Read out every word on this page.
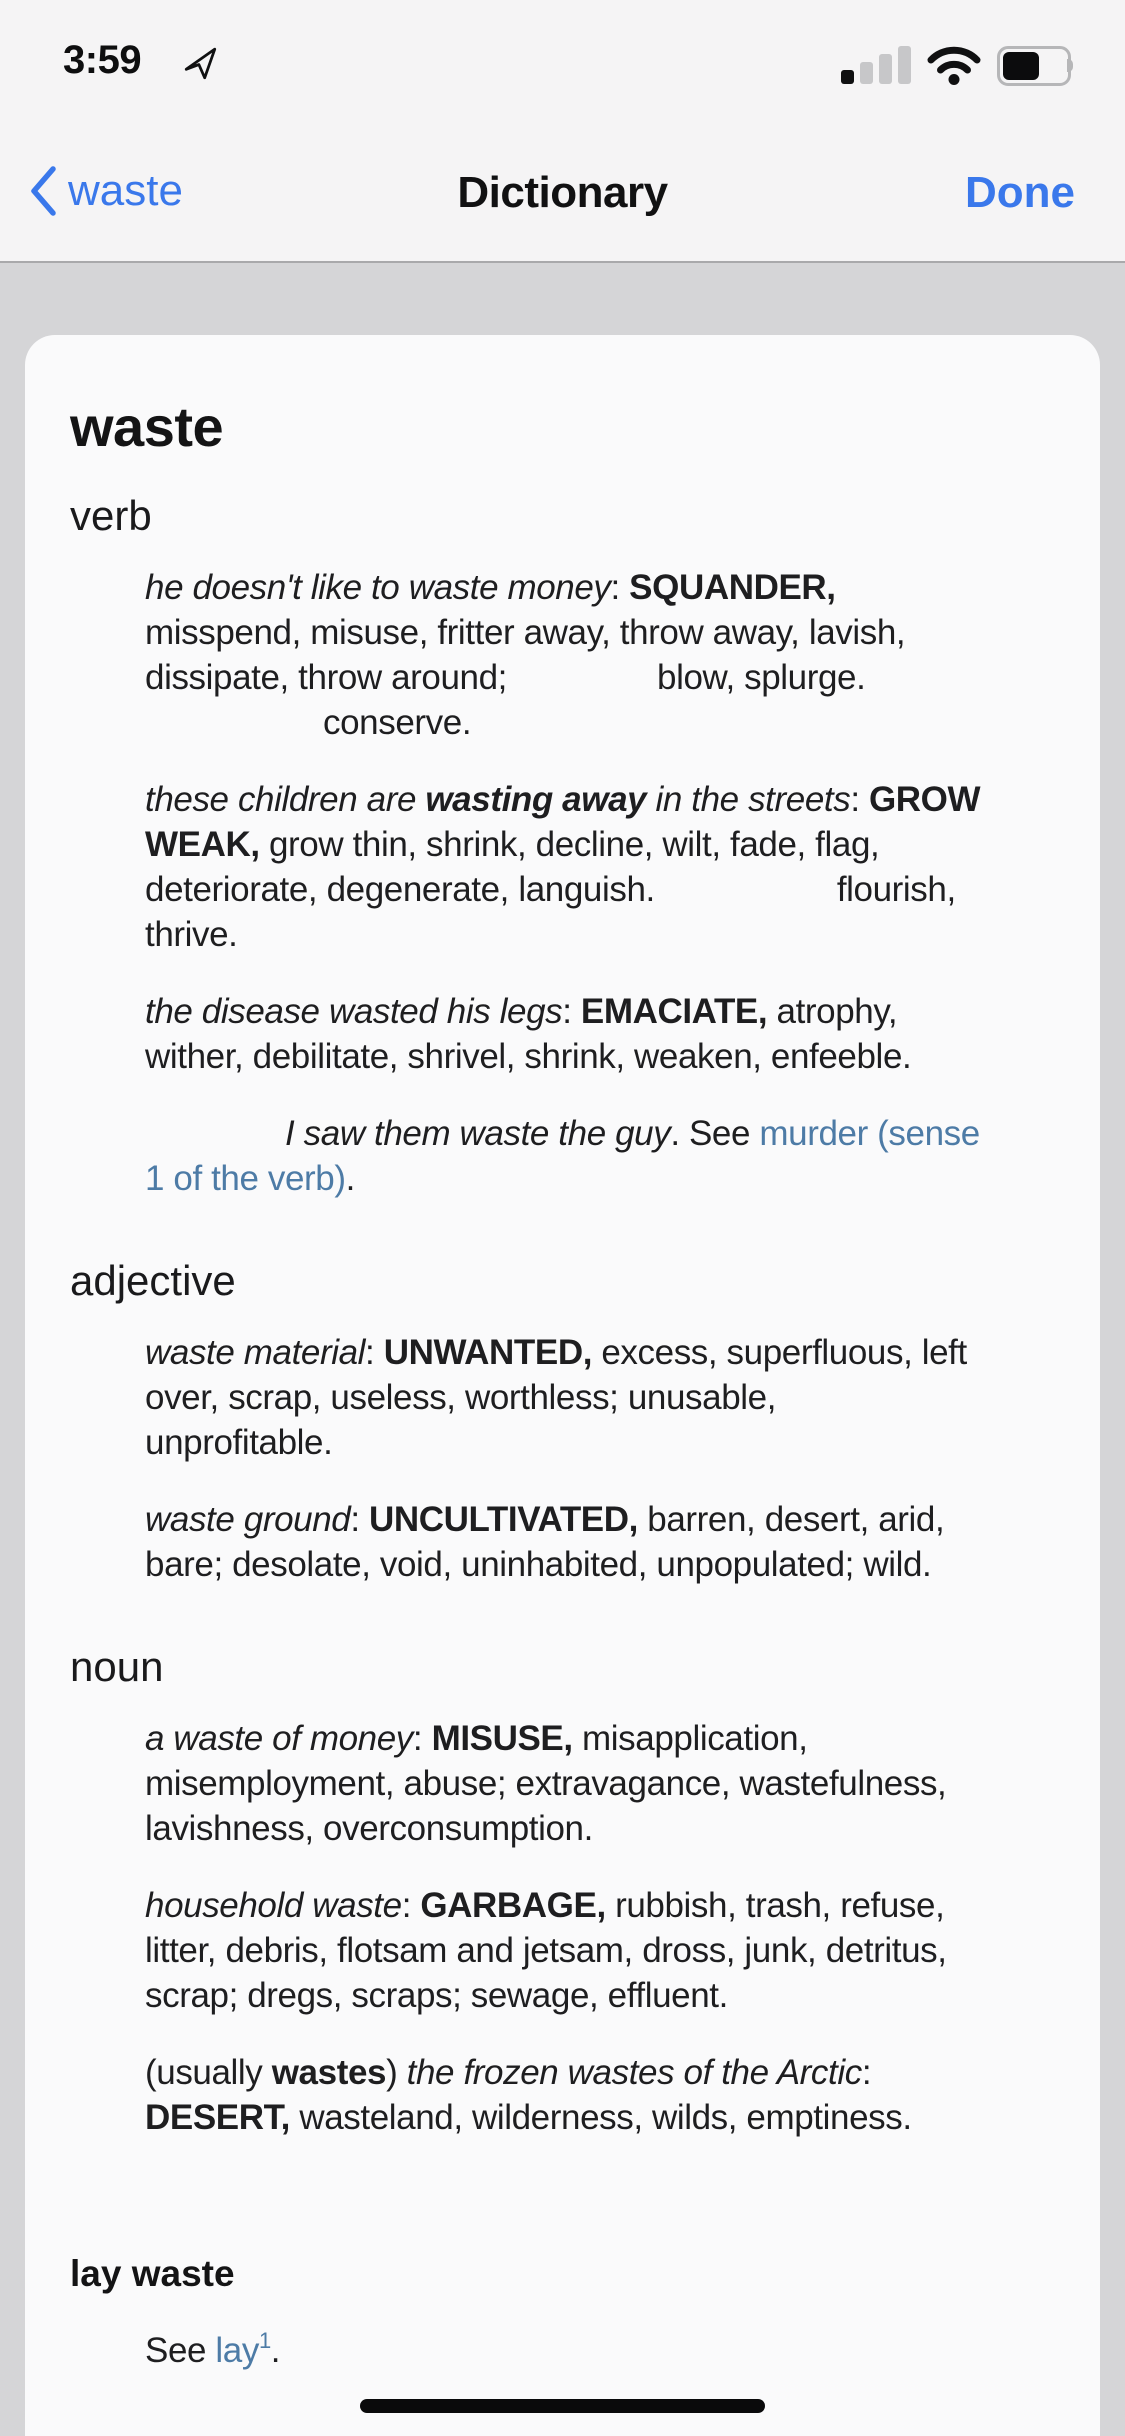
3:59
waste	Dictionary	Done
waste
verb
he doesn't like to waste money: SQUANDER,
misspend, misuse, fritter away, throw away, lavish,
dissipate, throw around;	blow, splurge.
conserve.
these children are wasting away in the streets: GROW
WEAK, grow thin, shrink, decline, wilt, fade, flag,
deteriorate, degenerate, languish.	flourish,
thrive.
the disease wasted his legs: EMACIATE, atrophy,
wither, debilitate, shrivel, shrink, weaken, enfeeble.
I saw them waste the guy. See murder (sense
1 of the verb).
adjective
waste material: UNWANTED, excess, superfluous, left
over, scrap, useless, worthless; unusable,
unprofitable.
waste ground: UNCULTIVATED, barren, desert, arid,
bare; desolate, void, uninhabited, unpopulated; wild.
noun
a waste of money: MISUSE, misapplication,
misemployment, abuse; extravagance, wastefulness,
lavishness, overconsumption.
household waste: GARBAGE, rubbish, trash, refuse,
litter, debris, flotsam and jetsam, dross, junk, detritus,
scrap; dregs, scraps; sewage, effluent.
(usually wastes) the frozen wastes of the Arctic:
DESERT, wasteland, wilderness, wilds, emptiness.
lay waste
See lay$^1$.
